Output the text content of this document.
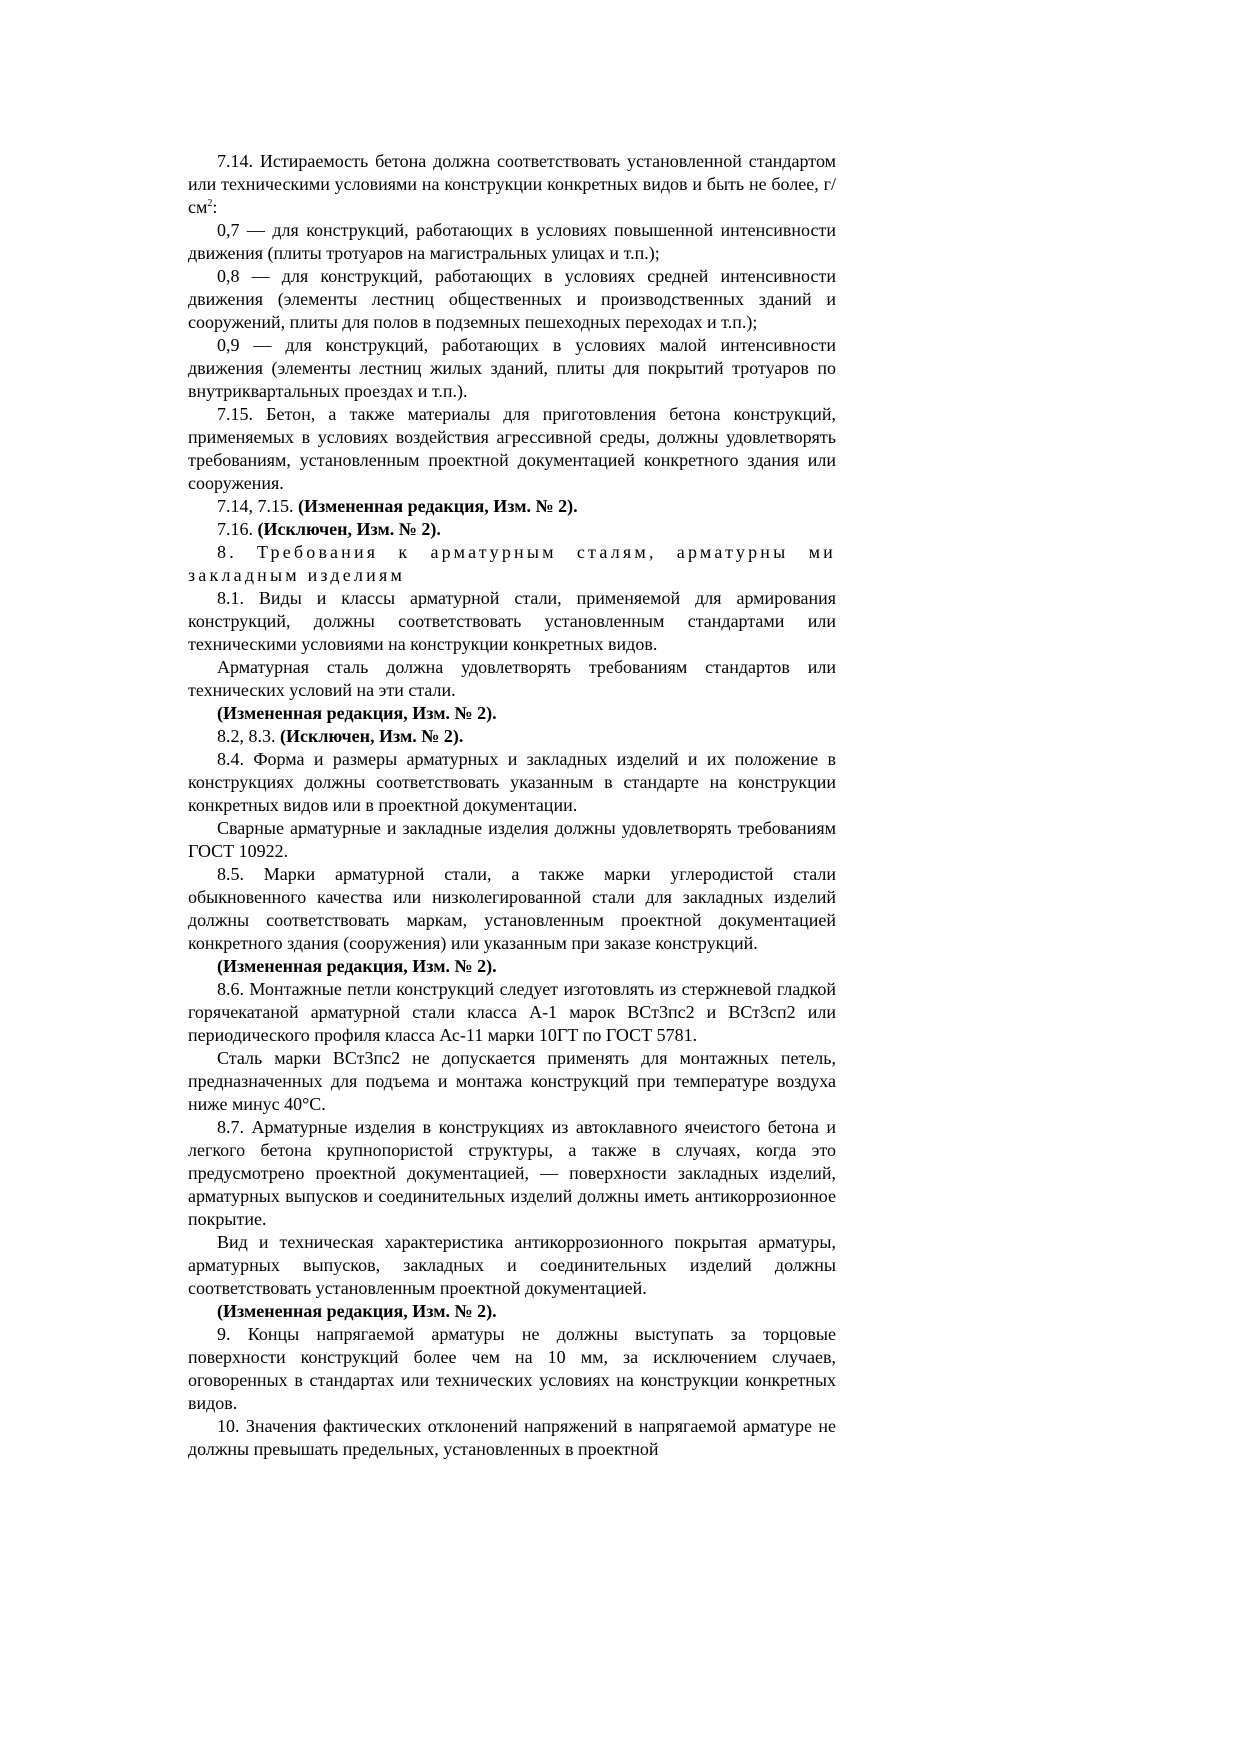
7.14. Истираемость бетона должна соответствовать установленной стандартом или техническими условиями на конструкции конкретных видов и быть не более, $г/см^2$:

0,7 — для конструкций, работающих в условиях повышенной интенсивности движения (плиты тротуаров на магистральных улицах и т.п.);

0,8 — для конструкций, работающих в условиях средней интенсивности движения (элементы лестниц общественных и производственных зданий и сооружений, плиты для полов в подземных пешеходных переходах и т.п.);

0,9 — для конструкций, работающих в условиях малой интенсивности движения (элементы лестниц жилых зданий, плиты для покрытий тротуаров по внутриквартальных проездах и т.п.).

7.15. Бетон, а также материалы для приготовления бетона конструкций, применяемых в условиях воздействия агрессивной среды, должны удовлетворять требованиям, установленным проектной документацией конкретного здания или сооружения.

7.14, 7.15. (Измененная редакция, Изм. № 2).

7.16. (Исключен, Изм. № 2).

8. Требования к арматурным сталям, арматурны ми закладным изделиям

8.1. Виды и классы арматурной стали, применяемой для армирования конструкций, должны соответствовать установленным стандартами или техническими условиями на конструкции конкретных видов.

Арматурная сталь должна удовлетворять требованиям стандартов или технических условий на эти стали.

(Измененная редакция, Изм. № 2).

8.2, 8.3. (Исключен, Изм. № 2).

8.4. Форма и размеры арматурных и закладных изделий и их положение в конструкциях должны соответствовать указанным в стандарте на конструкции конкретных видов или в проектной документации.

Сварные арматурные и закладные изделия должны удовлетворять требованиям ГОСТ 10922.

8.5. Марки арматурной стали, а также марки углеродистой стали обыкновенного качества или низколегированной стали для закладных изделий должны соответствовать маркам, установленным проектной документацией конкретного здания (сооружения) или указанным при заказе конструкций.

(Измененная редакция, Изм. № 2).

8.6. Монтажные петли конструкций следует изготовлять из стержневой гладкой горячекатаной арматурной стали класса А-1 марок ВСт3пс2 и ВСт3сп2 или периодического профиля класса Ас-11 марки 10ГТ по ГОСТ 5781.

Сталь марки ВСт3пс2 не допускается применять для монтажных петель, предназначенных для подъема и монтажа конструкций при температуре воздуха ниже минус 40°С.

8.7. Арматурные изделия в конструкциях из автоклавного ячеистого бетона и легкого бетона крупнопористой структуры, а также в случаях, когда это предусмотрено проектной документацией, — поверхности закладных изделий, арматурных выпусков и соединительных изделий должны иметь антикоррозионное покрытие.

Вид и техническая характеристика антикоррозионного покрытая арматуры, арматурных выпусков, закладных и соединительных изделий должны соответствовать установленным проектной документацией.

(Измененная редакция, Изм. № 2).

9. Концы напрягаемой арматуры не должны выступать за торцовые поверхности конструкций более чем на 10 мм, за исключением случаев, оговоренных в стандартах или технических условиях на конструкции конкретных видов.

10. Значения фактических отклонений напряжений в напрягаемой арматуре не должны превышать предельных, установленных в проектной
